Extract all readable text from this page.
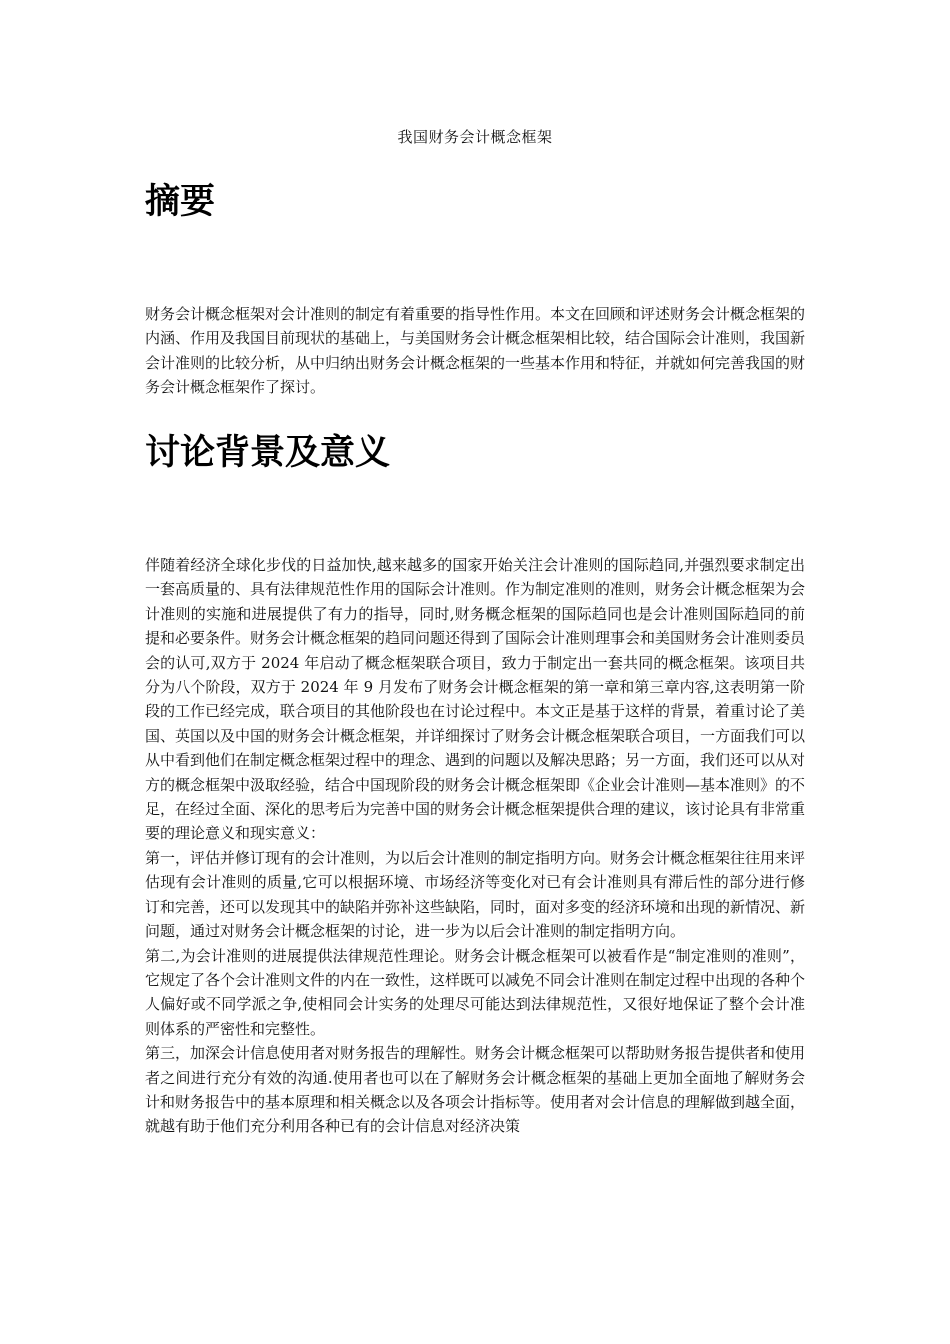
我国财务会计概念框架
摘要

财务会计概念框架对会计准则的制定有着重要的指导性作用。本文在回顾和评述财务会计概念框架的内涵、作用及我国目前现状的基础上，与美国财务会计概念框架相比较，结合国际会计准则，我国新会计准则的比较分析，从中归纳出财务会计概念框架的一些基本作用和特征，并就如何完善我国的财务会计概念框架作了探讨。

讨论背景及意义

伴随着经济全球化步伐的日益加快,越来越多的国家开始关注会计准则的国际趋同,并强烈要求制定出一套高质量的、具有法律规范性作用的国际会计准则。作为制定准则的准则，财务会计概念框架为会计准则的实施和进展提供了有力的指导，同时,财务概念框架的国际趋同也是会计准则国际趋同的前提和必要条件。财务会计概念框架的趋同问题还得到了国际会计准则理事会和美国财务会计准则委员会的认可,双方于 2024 年启动了概念框架联合项目，致力于制定出一套共同的概念框架。该项目共分为八个阶段，双方于 2024 年 9 月发布了财务会计概念框架的第一章和第三章内容,这表明第一阶段的工作已经完成，联合项目的其他阶段也在讨论过程中。本文正是基于这样的背景，着重讨论了美国、英国以及中国的财务会计概念框架，并详细探讨了财务会计概念框架联合项目，一方面我们可以从中看到他们在制定概念框架过程中的理念、遇到的问题以及解决思路；另一方面，我们还可以从对方的概念框架中汲取经验，结合中国现阶段的财务会计概念框架即《企业会计准则—基本准则》的不足，在经过全面、深化的思考后为完善中国的财务会计概念框架提供合理的建议，该讨论具有非常重要的理论意义和现实意义：

第一，评估并修订现有的会计准则，为以后会计准则的制定指明方向。财务会计概念框架往往用来评估现有会计准则的质量,它可以根据环境、市场经济等变化对已有会计准则具有滞后性的部分进行修订和完善，还可以发现其中的缺陷并弥补这些缺陷，同时，面对多变的经济环境和出现的新情况、新问题，通过对财务会计概念框架的讨论，进一步为以后会计准则的制定指明方向。

第二,为会计准则的进展提供法律规范性理论。财务会计概念框架可以被看作是“制定准则的准则”，它规定了各个会计准则文件的内在一致性，这样既可以减免不同会计准则在制定过程中出现的各种个人偏好或不同学派之争,使相同会计实务的处理尽可能达到法律规范性，又很好地保证了整个会计准则体系的严密性和完整性。

第三，加深会计信息使用者对财务报告的理解性。财务会计概念框架可以帮助财务报告提供者和使用者之间进行充分有效的沟通.使用者也可以在了解财务会计概念框架的基础上更加全面地了解财务会计和财务报告中的基本原理和相关概念以及各项会计指标等。使用者对会计信息的理解做到越全面，就越有助于他们充分利用各种已有的会计信息对经济决策
